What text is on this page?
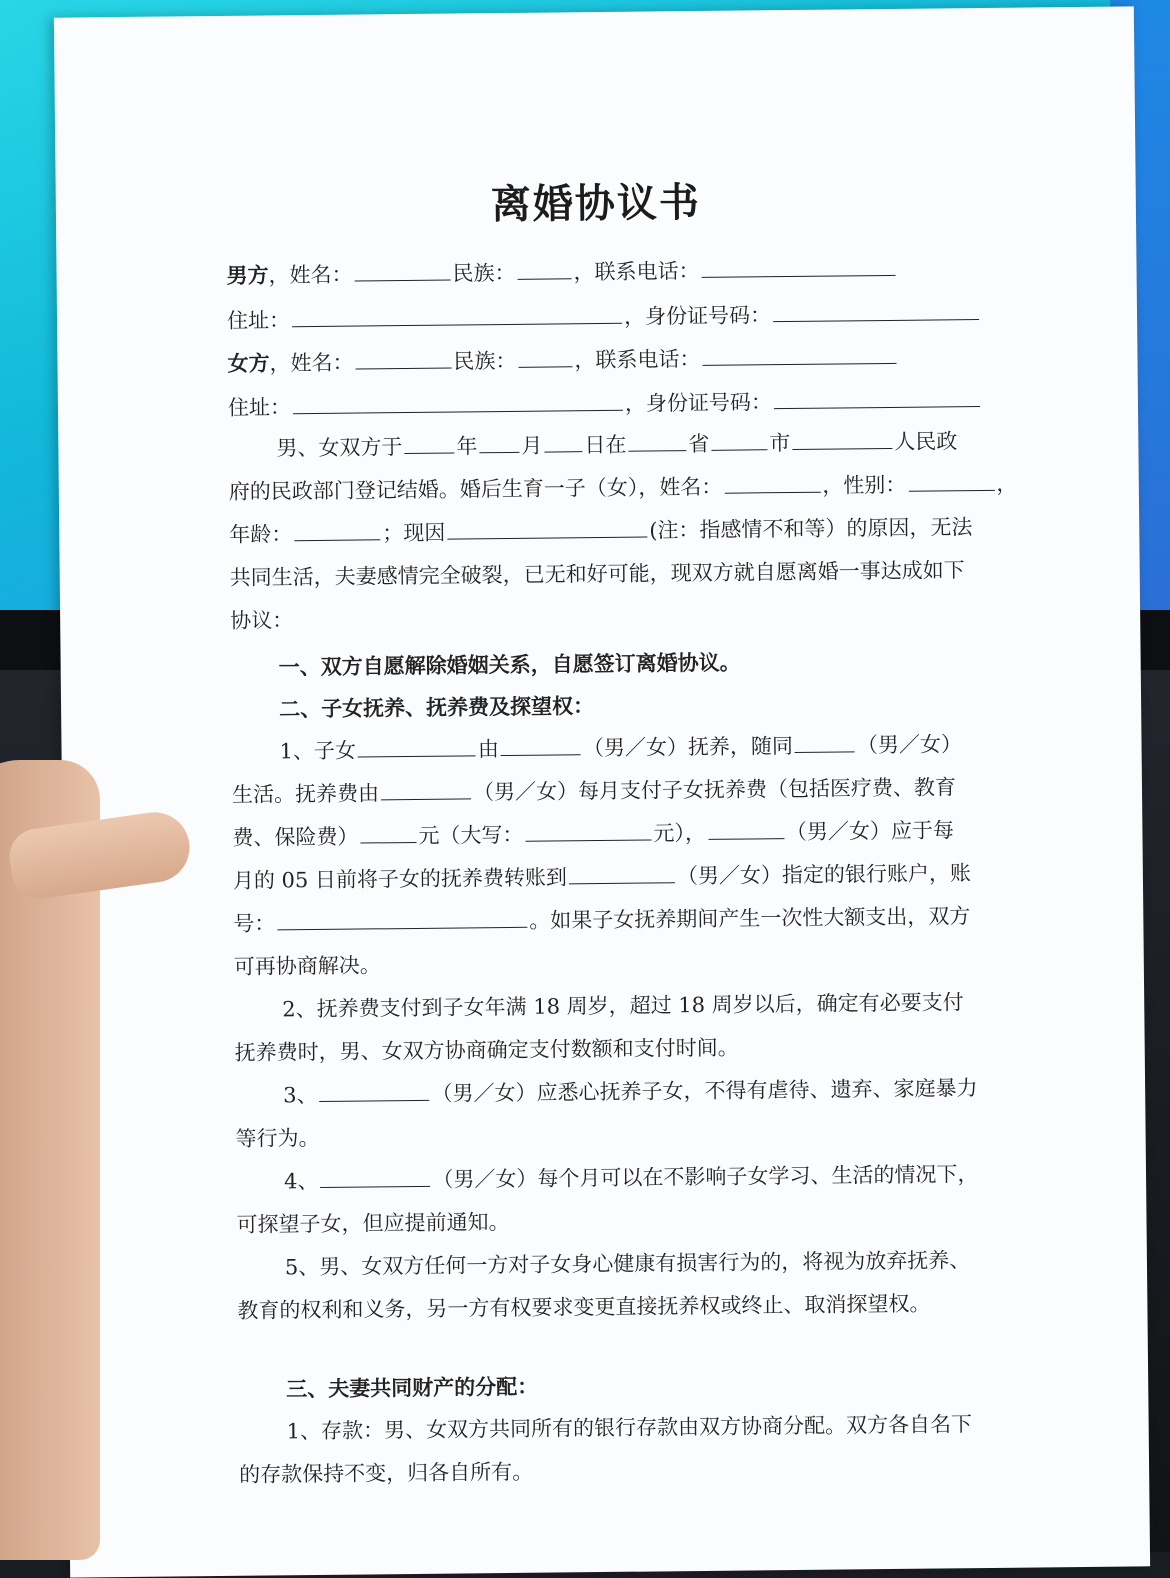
离婚协议书
男方，姓名：	民族：	，联系电话：
住址：	，身份证号码：
女方，姓名：	民族：	，联系电话：
住址：	，身份证号码：
男、女双方于	年 月 日在	省	市	人民政
府的民政部门登记结婚。婚后生育一子（女），姓名：	，性别：	，
年龄：	；现因	(注：指感情不和等）的原因，无法
共同生活，夫妻感情完全破裂，已无和好可能，现双方就自愿离婚一事达成如下
协议：
一、双方自愿解除婚姻关系，自愿签订离婚协议。
二、子女抚养、抚养费及探望权：
1、子女	由	（男／女）抚养，随同	（男／女）
生活。抚养费由	（男／女）每月支付子女抚养费（包括医疗费、教育
费、保险费）	元（大写：	元），	（男／女）应于每
月的 05 日前将子女的抚养费转账到	（男／女）指定的银行账户，账
号：	。如果子女抚养期间产生一次性大额支出，双方
可再协商解决。
2、抚养费支付到子女年满 18 周岁，超过 18 周岁以后，确定有必要支付
抚养费时，男、女双方协商确定支付数额和支付时间。
3、	（男／女）应悉心抚养子女，不得有虐待、遗弃、家庭暴力
等行为。
4、	（男／女）每个月可以在不影响子女学习、生活的情况下，
可探望子女，但应提前通知。
5、男、女双方任何一方对子女身心健康有损害行为的，将视为放弃抚养、
教育的权利和义务，另一方有权要求变更直接抚养权或终止、取消探望权。
三、夫妻共同财产的分配：
1、存款：男、女双方共同所有的银行存款由双方协商分配。双方各自名下
的存款保持不变，归各自所有。
